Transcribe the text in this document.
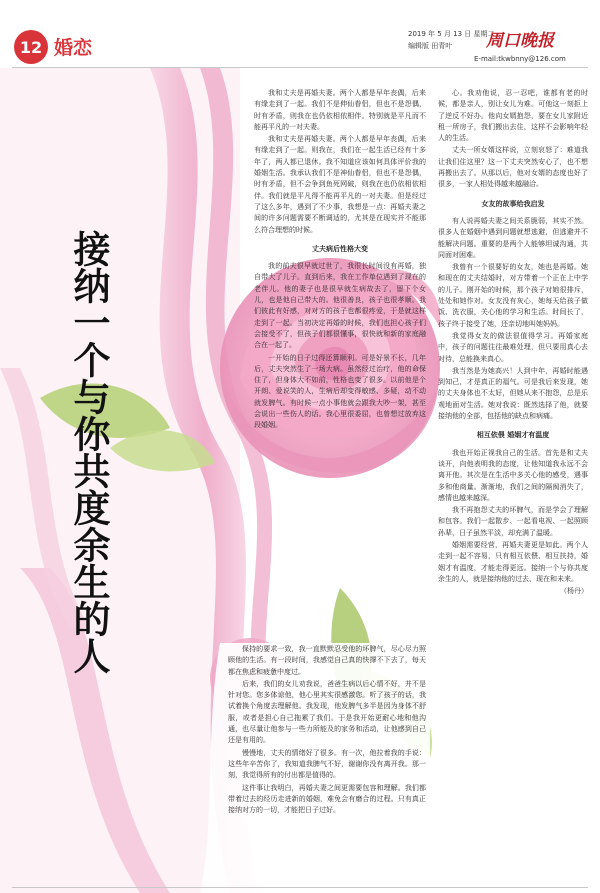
12 婚恋
2019 年 5 月 13 日 星期二
编辑版 田青叶 周口晚报
E-mail:tkwbnny@126.com
接纳一个与你共度余生的人

我和丈夫是再婚夫妻。两个人都是早年丧偶，后来有缘走到了一起。我们不是伸仙眷侣，但也不是怨偶，时有矛盾，则我在也仍依相依相伴。特别就是平凡而不能再平凡的一对夫妻。

我和丈夫是再婚夫妻。两个人都是早年丧偶，后来有缘走到了一起。则我在，我们在一起生活已经有十多年了，两人都已退休。我不知道应该如何具体评价我的婚姻生活。我承认我们不是神仙眷侣，但也不是怨偶，时有矛盾，但不会争到鱼死网破，则我在也仍依相依相伴。我们就是平凡得不能再平凡的一对夫妻。但是经过了这么多年，遇到了不少事，我想是一点：再婚夫妻之间的许多问题需要不断调适的，尤其是在现实并不能那么符合理想的时候。

丈夫病后性格大变

我的前夫很早就过世了，我很长时间没有再婚，独自带大了儿子。直到后来，我在工作单位遇到了现在的老伴儿。他的妻子也是很早就生病故去了，留下个女儿，也是他自己带大的。他很善良，孩子也很孝顺。我们彼此有好感，对对方的孩子也都很疼爱，于是就这样走到了一起。当初决定再婚的时候，我们也担心孩子们会接受不了，但孩子们都很懂事，很快就和新的家庭融合在一起了。

一开始的日子过得还算顺利。可是好景不长，几年后，丈夫突然生了一场大病。虽然经过治疗，他的命保住了，但身体大不如前，性格也变了很多。以前他是个开朗、爱说笑的人，生病后却变得敏感、多疑，动不动就发脾气。有时候一点小事他就会跟我大吵一架，甚至会说出一些伤人的话。我心里很委屈，也曾想过放弃这段婚姻。

保持的要求一致，我一直默默忍受他的坏脾气，尽心尽力照顾他的生活。有一段时间，我感觉自己真的快撑不下去了，每天都在焦虑和疲惫中度过。

后来，我们的女儿劝我说，爸爸生病以后心情不好，并不是针对您。您多体谅他，他心里其实很感激您。听了孩子的话，我试着换个角度去理解他。我发现，他发脾气多半是因为身体不舒服，或者是担心自己拖累了我们。于是我开始更耐心地和他沟通，也尽量让他参与一些力所能及的家务和活动，让他感到自己还是有用的。

慢慢地，丈夫的情绪好了很多。有一次，他拉着我的手说：这些年辛苦你了，我知道我脾气不好，谢谢你没有离开我。那一刻，我觉得所有的付出都是值得的。

这件事让我明白，再婚夫妻之间更需要包容和理解。我们都带着过去的经历走进新的婚姻，难免会有磨合的过程。只有真正接纳对方的一切，才能把日子过好。

心。我劝他说，忍一忍吧，谁都有老的时候，都是亲人，别让女儿为难。可他这一刻拒上了逆反不好办。他向女婿抱怨，要在女儿家附近租一所房子，我们搬出去住，这样不会影响年轻人的生活。

丈夫一所女婿这样说，立刻哀怒了：难道我让我们住这里？这一下丈夫突然安心了，也不想再搬出去了。从那以后，他对女婿的态度也好了很多，一家人相处得越来越融洽。

女友的故事给我启发

有人说再婚夫妻之间关系脆弱，其实不然。很多人在婚姻中遇到问题就想逃避，但逃避并不能解决问题。重要的是两个人能够坦诚沟通，共同面对困难。

我曾有一个很要好的女友，她也是再婚。她和现在的丈夫结婚时，对方带着一个正在上中学的儿子。刚开始的时候，那个孩子对她很排斥，处处和她作对。女友没有灰心，她每天给孩子做饭、洗衣服，关心他的学习和生活。时间长了，孩子终于接受了她，还亲切地叫她妈妈。

我觉得女友的做法很值得学习。再婚家庭中，孩子的问题往往最难处理，但只要用真心去对待，总能换来真心。

我当然是为她高兴！人到中年，再婚时能遇到知己，才是真正的福气。可是我后来发现，她的丈夫身体也不太好，但她从来不抱怨，总是乐观地面对生活。她对我说：既然选择了他，就要接纳他的全部，包括他的缺点和病痛。

相互依偎 婚姻才有温度

我也开始正视我自己的生活。首先是和丈夫谈开，向他表明我的态度，让他知道我永远不会离开他。其次是在生活中多关心他的感受，遇事多和他商量。渐渐地，我们之间的隔阂消失了，感情也越来越深。

我不再抱怨丈夫的坏脾气，而是学会了理解和包容。我们一起散步、一起看电视、一起照顾孙辈，日子虽然平淡，却充满了温暖。

婚姻需要经营，再婚夫妻更是如此。两个人走到一起不容易，只有相互依偎、相互扶持，婚姻才有温度，才能走得更远。接纳一个与你共度余生的人，就是接纳他的过去、现在和未来。

（杨丹）
